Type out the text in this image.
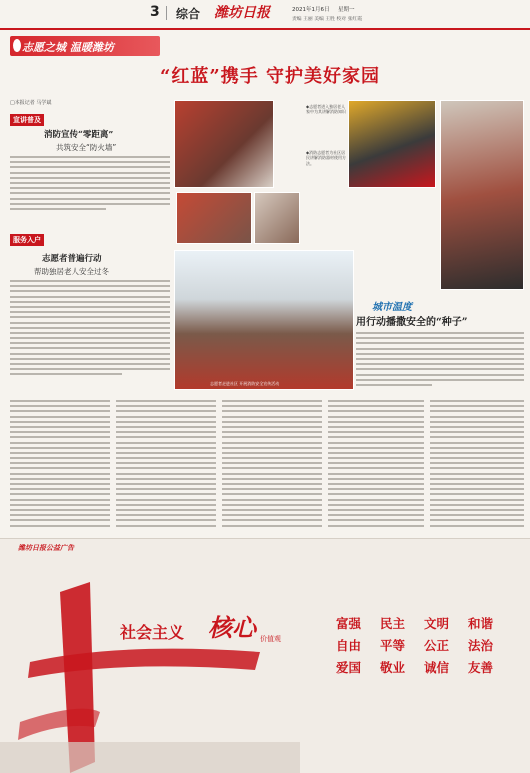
3 综合 潍坊日报	2021年1月6日 星期一
责编 王丽 美编 王胜 校对 张红霞
志愿之城 温暖潍坊
“红蓝”携手 守护美好家园
□本报记者 马学斌
宣讲普及
消防宣传“零距离”
共筑安全“防火墙”
服务入户
志愿者普遍行动
帮助独居老人安全过冬
◆志愿者进入独居老人家中为其讲解消防知识
◆消防志愿者为社区居民讲解消防器材使用方法。
志愿者走进社区 开展消防安全宣传活动
城市温度
用行动播撒安全的“种子”
潍坊日报公益广告
社会主义 核心 价值观
富强 民主 文明 和谐
自由 平等 公正 法治
爱国 敬业 诚信 友善
